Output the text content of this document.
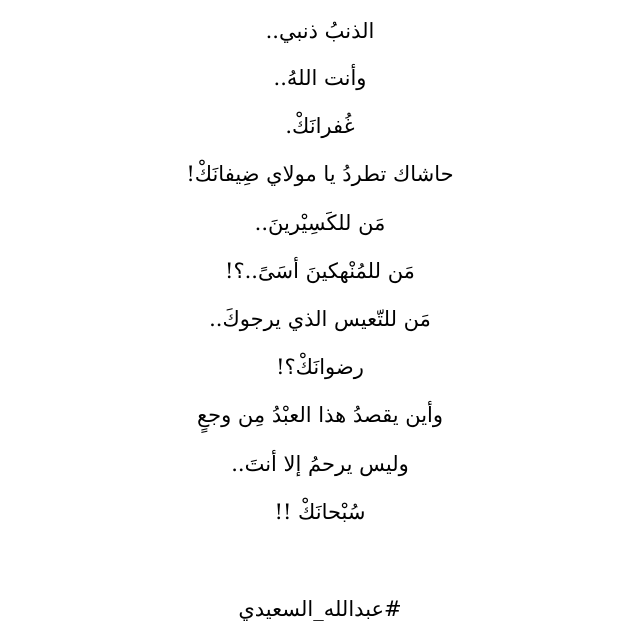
الذنبُ ذنبي..
وأنت اللهُ..
غُفرانَكْ.
حاشاك تطردُ يا مولاي ضِيفانَكْ!
مَن للكَسِيْرينَ..
مَن للمُنْهكينَ أسَىً..؟!
مَن للتّعيس الذي يرجوكَ..
رضوانَكْ؟!
وأين يقصدُ هذا العبْدُ مِن وجعٍ
وليس يرحمُ إلا أنتَ..
سُبْحانَكْ !!
#عبدالله_السعيدي
